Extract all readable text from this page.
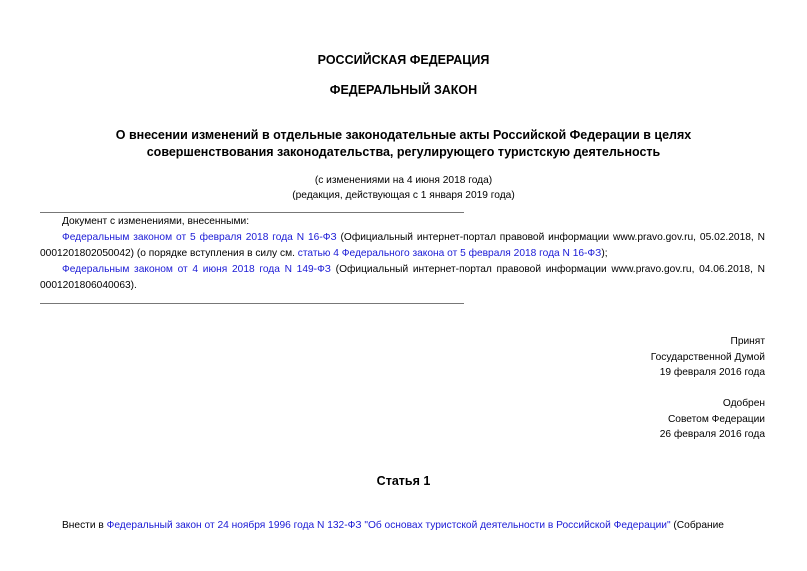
РОССИЙСКАЯ ФЕДЕРАЦИЯ
ФЕДЕРАЛЬНЫЙ ЗАКОН
О внесении изменений в отдельные законодательные акты Российской Федерации в целях
совершенствования законодательства, регулирующего туристскую деятельность
(с изменениями на 4 июня 2018 года)
(редакция, действующая с 1 января 2019 года)

Документ с изменениями, внесенными:

Федеральным законом от 5 февраля 2018 года N 16-ФЗ (Официальный интернет-портал правовой информации www.pravo.gov.ru, 05.02.2018, N 0001201802050042) (о порядке вступления в силу см. статью 4 Федерального закона от 5 февраля 2018 года N 16-ФЗ);

Федеральным законом от 4 июня 2018 года N 149-ФЗ (Официальный интернет-портал правовой информации www.pravo.gov.ru, 04.06.2018, N 0001201806040063).

Принят
Государственной Думой
19 февраля 2016 года
Одобрен
Советом Федерации
26 февраля 2016 года
Статья 1
Внести в Федеральный закон от 24 ноября 1996 года N 132-ФЗ "Об основах туристской деятельности в Российской Федерации" (Собрание
